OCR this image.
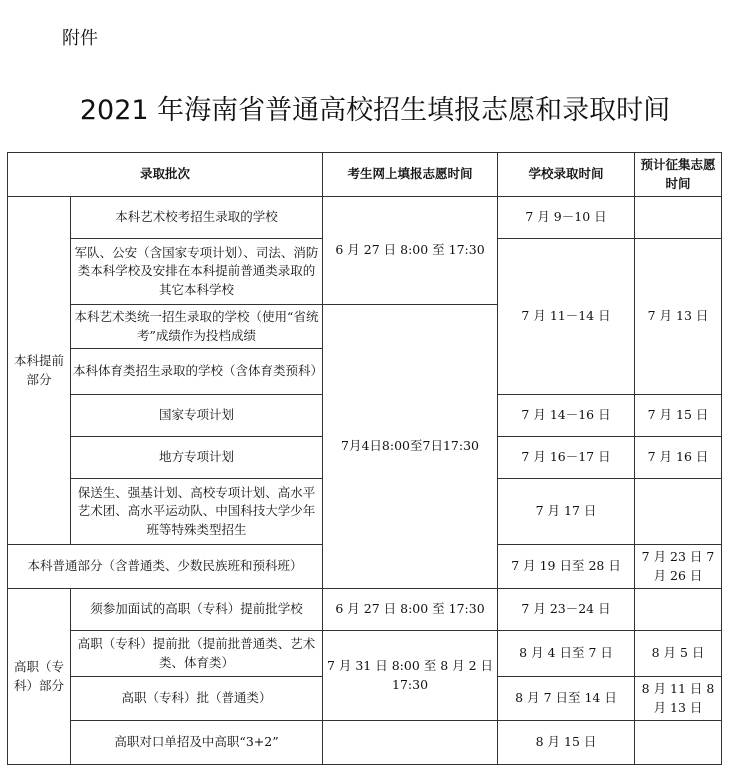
附件
2021 年海南省普通高校招生填报志愿和录取时间
录取批次		考生网上填报志愿时间	学校录取时间	预计征集志愿时间
本科提前部分	本科艺术校考招生录取的学校	6 月 27 日 8:00 至 17:30	7 月 9－10 日	
	军队、公安（含国家专项计划）、司法、消防类本科学校及安排在本科提前普通类录取的其它本科学校		7 月 11－14 日	7 月 13 日
	本科艺术类统一招生录取的学校（使用“省统考”成绩作为投档成绩	7月4日8:00至7日17:30		
	本科体育类招生录取的学校（含体育类预科）			
	国家专项计划		7 月 14－16 日	7 月 15 日
	地方专项计划		7 月 16－17 日	7 月 16 日
	保送生、强基计划、高校专项计划、高水平艺术团、高水平运动队、中国科技大学少年班等特殊类型招生		7 月 17 日	
本科普通部分（含普通类、少数民族班和预科班）			7 月 19 日至 28 日	7 月 23 日 7 月 26 日
高职（专科）部分	须参加面试的高职（专科）提前批学校	6 月 27 日 8:00 至 17:30	7 月 23－24 日	
	高职（专科）提前批（提前批普通类、艺术类、体育类）	7 月 31 日 8:00 至 8 月 2 日 17:30	8 月 4 日至 7 日	8 月 5 日
	高职（专科）批（普通类）		8 月 7 日至 14 日	8 月 11 日 8 月 13 日
	高职对口单招及中高职“3+2”		8 月 15 日	
